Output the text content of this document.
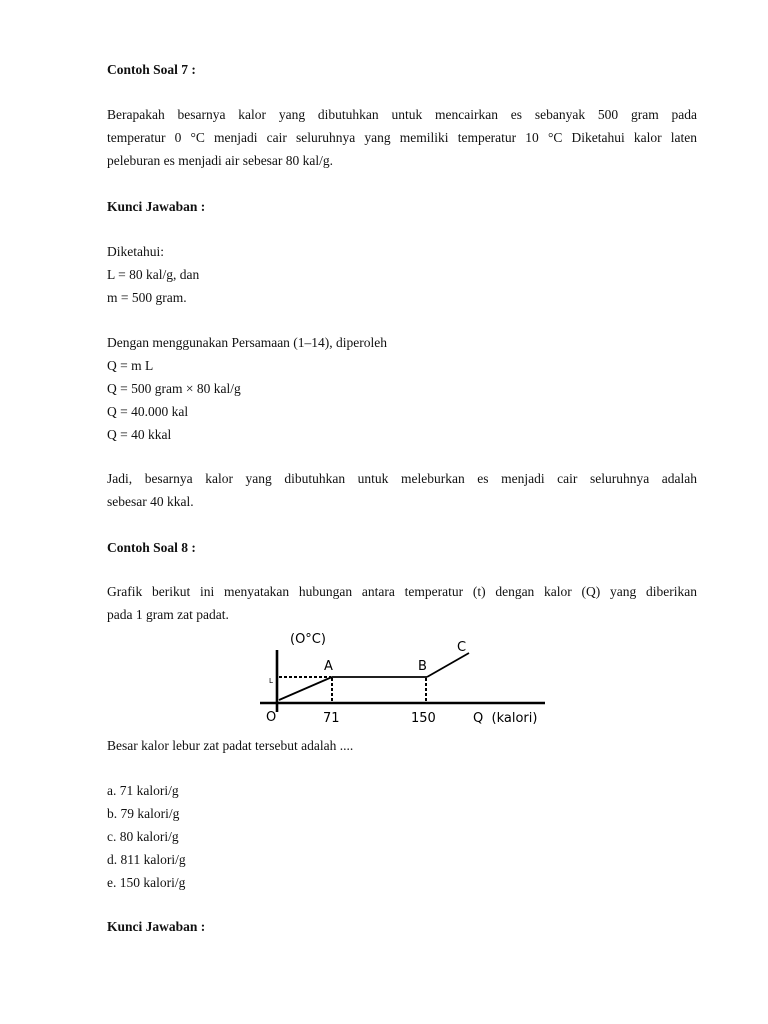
Contoh Soal 7 :
Berapakah besarnya kalor yang dibutuhkan untuk mencairkan es sebanyak 500 gram pada
temperatur 0 °C menjadi cair seluruhnya yang memiliki temperatur 10 °C Diketahui kalor laten
peleburan es menjadi air sebesar 80 kal/g.
Kunci Jawaban :
Diketahui:
L = 80 kal/g, dan
m = 500 gram.
Dengan menggunakan Persamaan (1–14), diperoleh
Q = m L
Q = 500 gram × 80 kal/g
Q = 40.000 kal
Q = 40 kkal
Jadi, besarnya kalor yang dibutuhkan untuk meleburkan es menjadi cair seluruhnya adalah
sebesar 40 kkal.
Contoh Soal 8 :
Grafik berikut ini menyatakan hubungan antara temperatur (t) dengan kalor (Q) yang diberikan
pada 1 gram zat padat.
(O°C)
L
A	B
C
O	71	150	Q  (kalori)
Besar kalor lebur zat padat tersebut adalah ....
a. 71 kalori/g
b. 79 kalori/g
c. 80 kalori/g
d. 811 kalori/g
e. 150 kalori/g
Kunci Jawaban :
